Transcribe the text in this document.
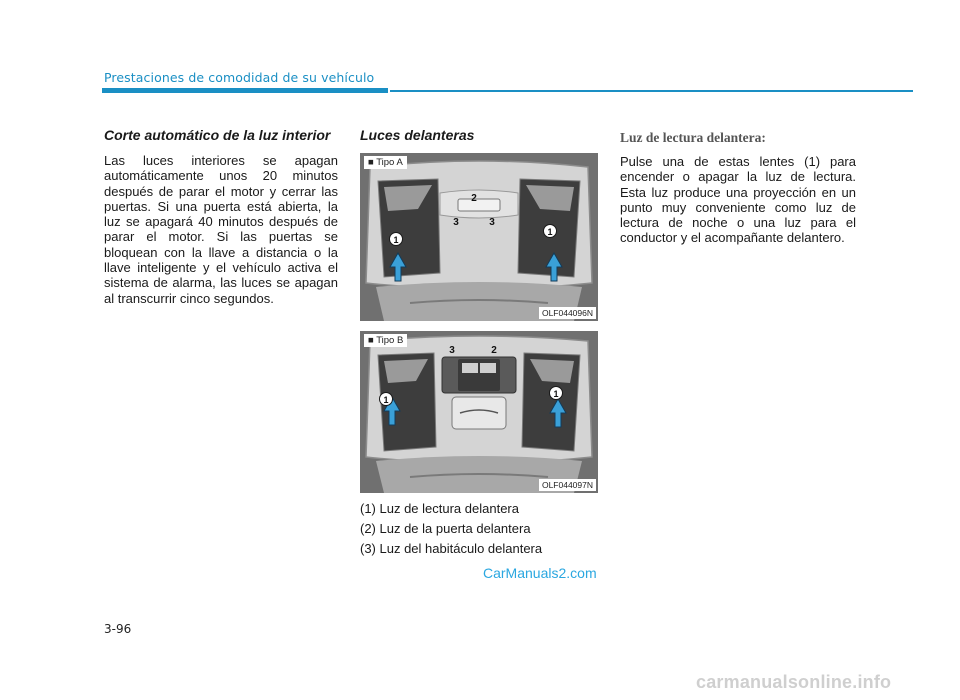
Prestaciones de comodidad de su vehículo

Corte automático de la luz interior

Las luces interiores se apagan automáticamente unos 20 minutos después de parar el motor y cerrar las puertas. Si una puerta está abierta, la luz se apagará 40 minutos después de parar el motor. Si las puertas se bloquean con la llave a distancia o la llave inteligente y el vehículo activa el sistema de alarma, las luces se apagan al transcurrir cinco segundos.

Luces delanteras

1
1
2
3	3
■ Tipo A
OLF044096N
1
1
3	2
■ Tipo B
OLF044097N

(1) Luz de lectura delantera

(2) Luz de la puerta delantera

(3) Luz del habitáculo delantera

Luz de lectura delantera:

Pulse una de estas lentes (1) para encender o apagar la luz de lectura. Esta luz produce una proyección en un punto muy conveniente como luz de lectura de noche o una luz para el conductor y el acompañante delantero.

CarManuals2.com
3-96
carmanualsonline.info
